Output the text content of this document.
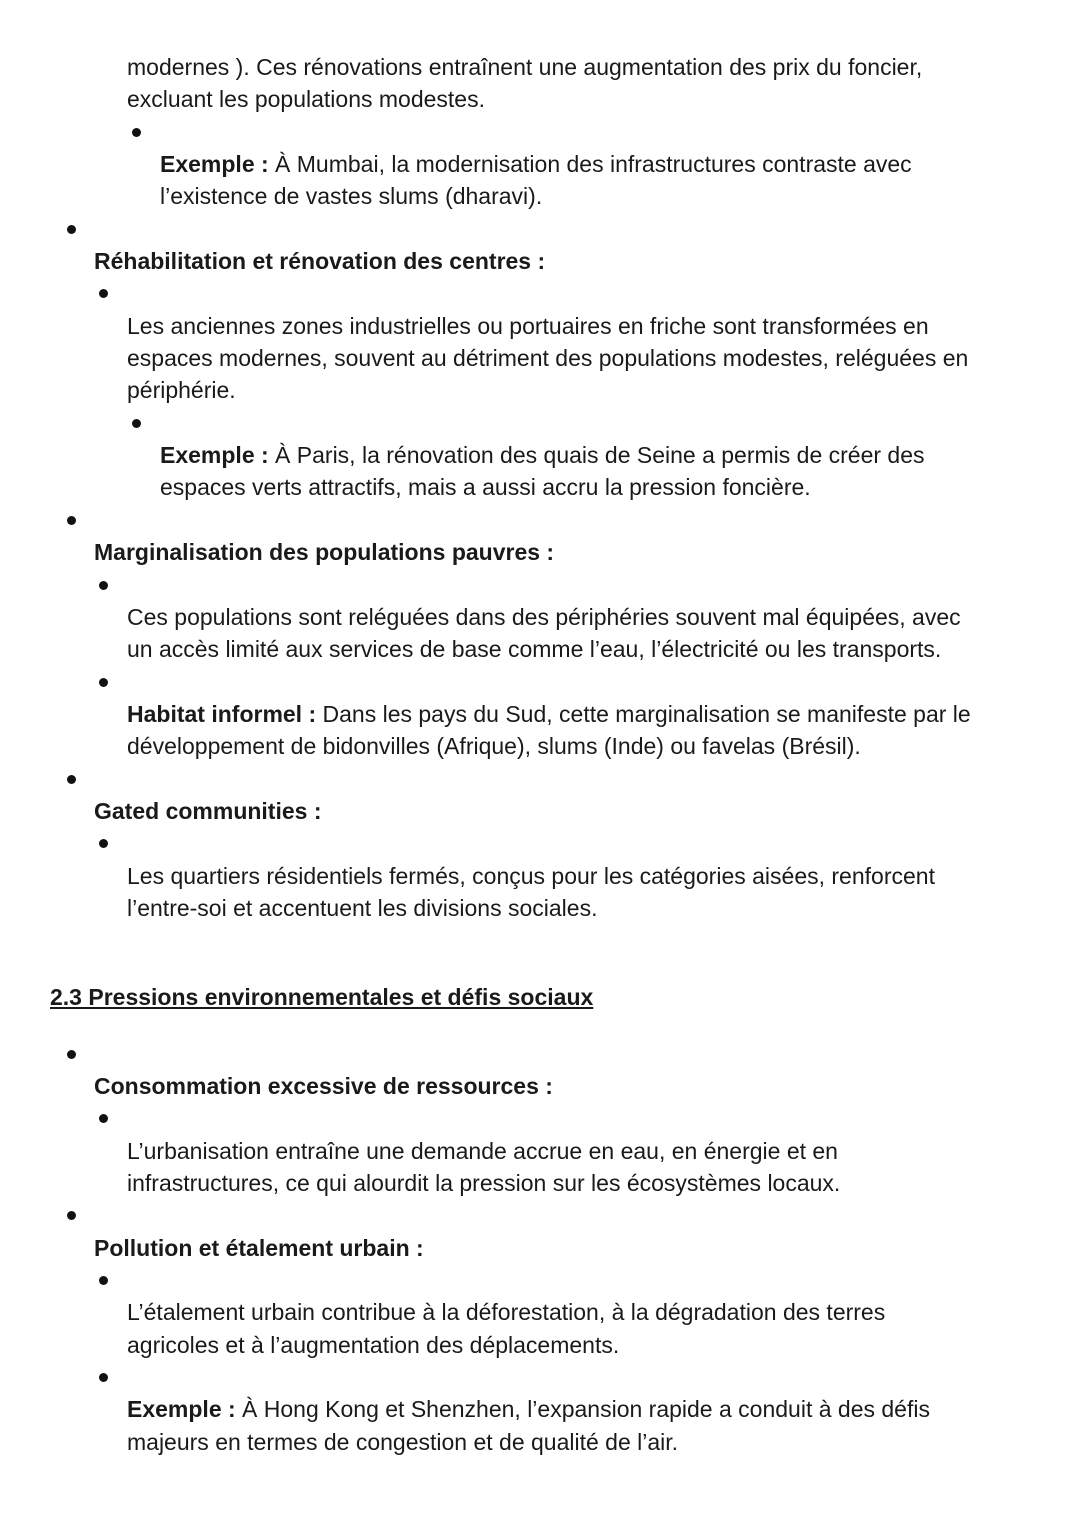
modernes ). Ces rénovations entraînent une augmentation des prix du foncier,
excluant les populations modestes.
Exemple : À Mumbai, la modernisation des infrastructures contraste avec
l’existence de vastes slums (dharavi).
Réhabilitation et rénovation des centres :
Les anciennes zones industrielles ou portuaires en friche sont transformées en
espaces modernes, souvent au détriment des populations modestes, reléguées en
périphérie.
Exemple : À Paris, la rénovation des quais de Seine a permis de créer des
espaces verts attractifs, mais a aussi accru la pression foncière.
Marginalisation des populations pauvres :
Ces populations sont reléguées dans des périphéries souvent mal équipées, avec
un accès limité aux services de base comme l’eau, l’électricité ou les transports.
Habitat informel : Dans les pays du Sud, cette marginalisation se manifeste par le
développement de bidonvilles (Afrique), slums (Inde) ou favelas (Brésil).
Gated communities :
Les quartiers résidentiels fermés, conçus pour les catégories aisées, renforcent
l’entre-soi et accentuent les divisions sociales.
2.3 Pressions environnementales et défis sociaux
Consommation excessive de ressources :
L’urbanisation entraîne une demande accrue en eau, en énergie et en
infrastructures, ce qui alourdit la pression sur les écosystèmes locaux.
Pollution et étalement urbain :
L’étalement urbain contribue à la déforestation, à la dégradation des terres
agricoles et à l’augmentation des déplacements.
Exemple : À Hong Kong et Shenzhen, l’expansion rapide a conduit à des défis
majeurs en termes de congestion et de qualité de l’air.
